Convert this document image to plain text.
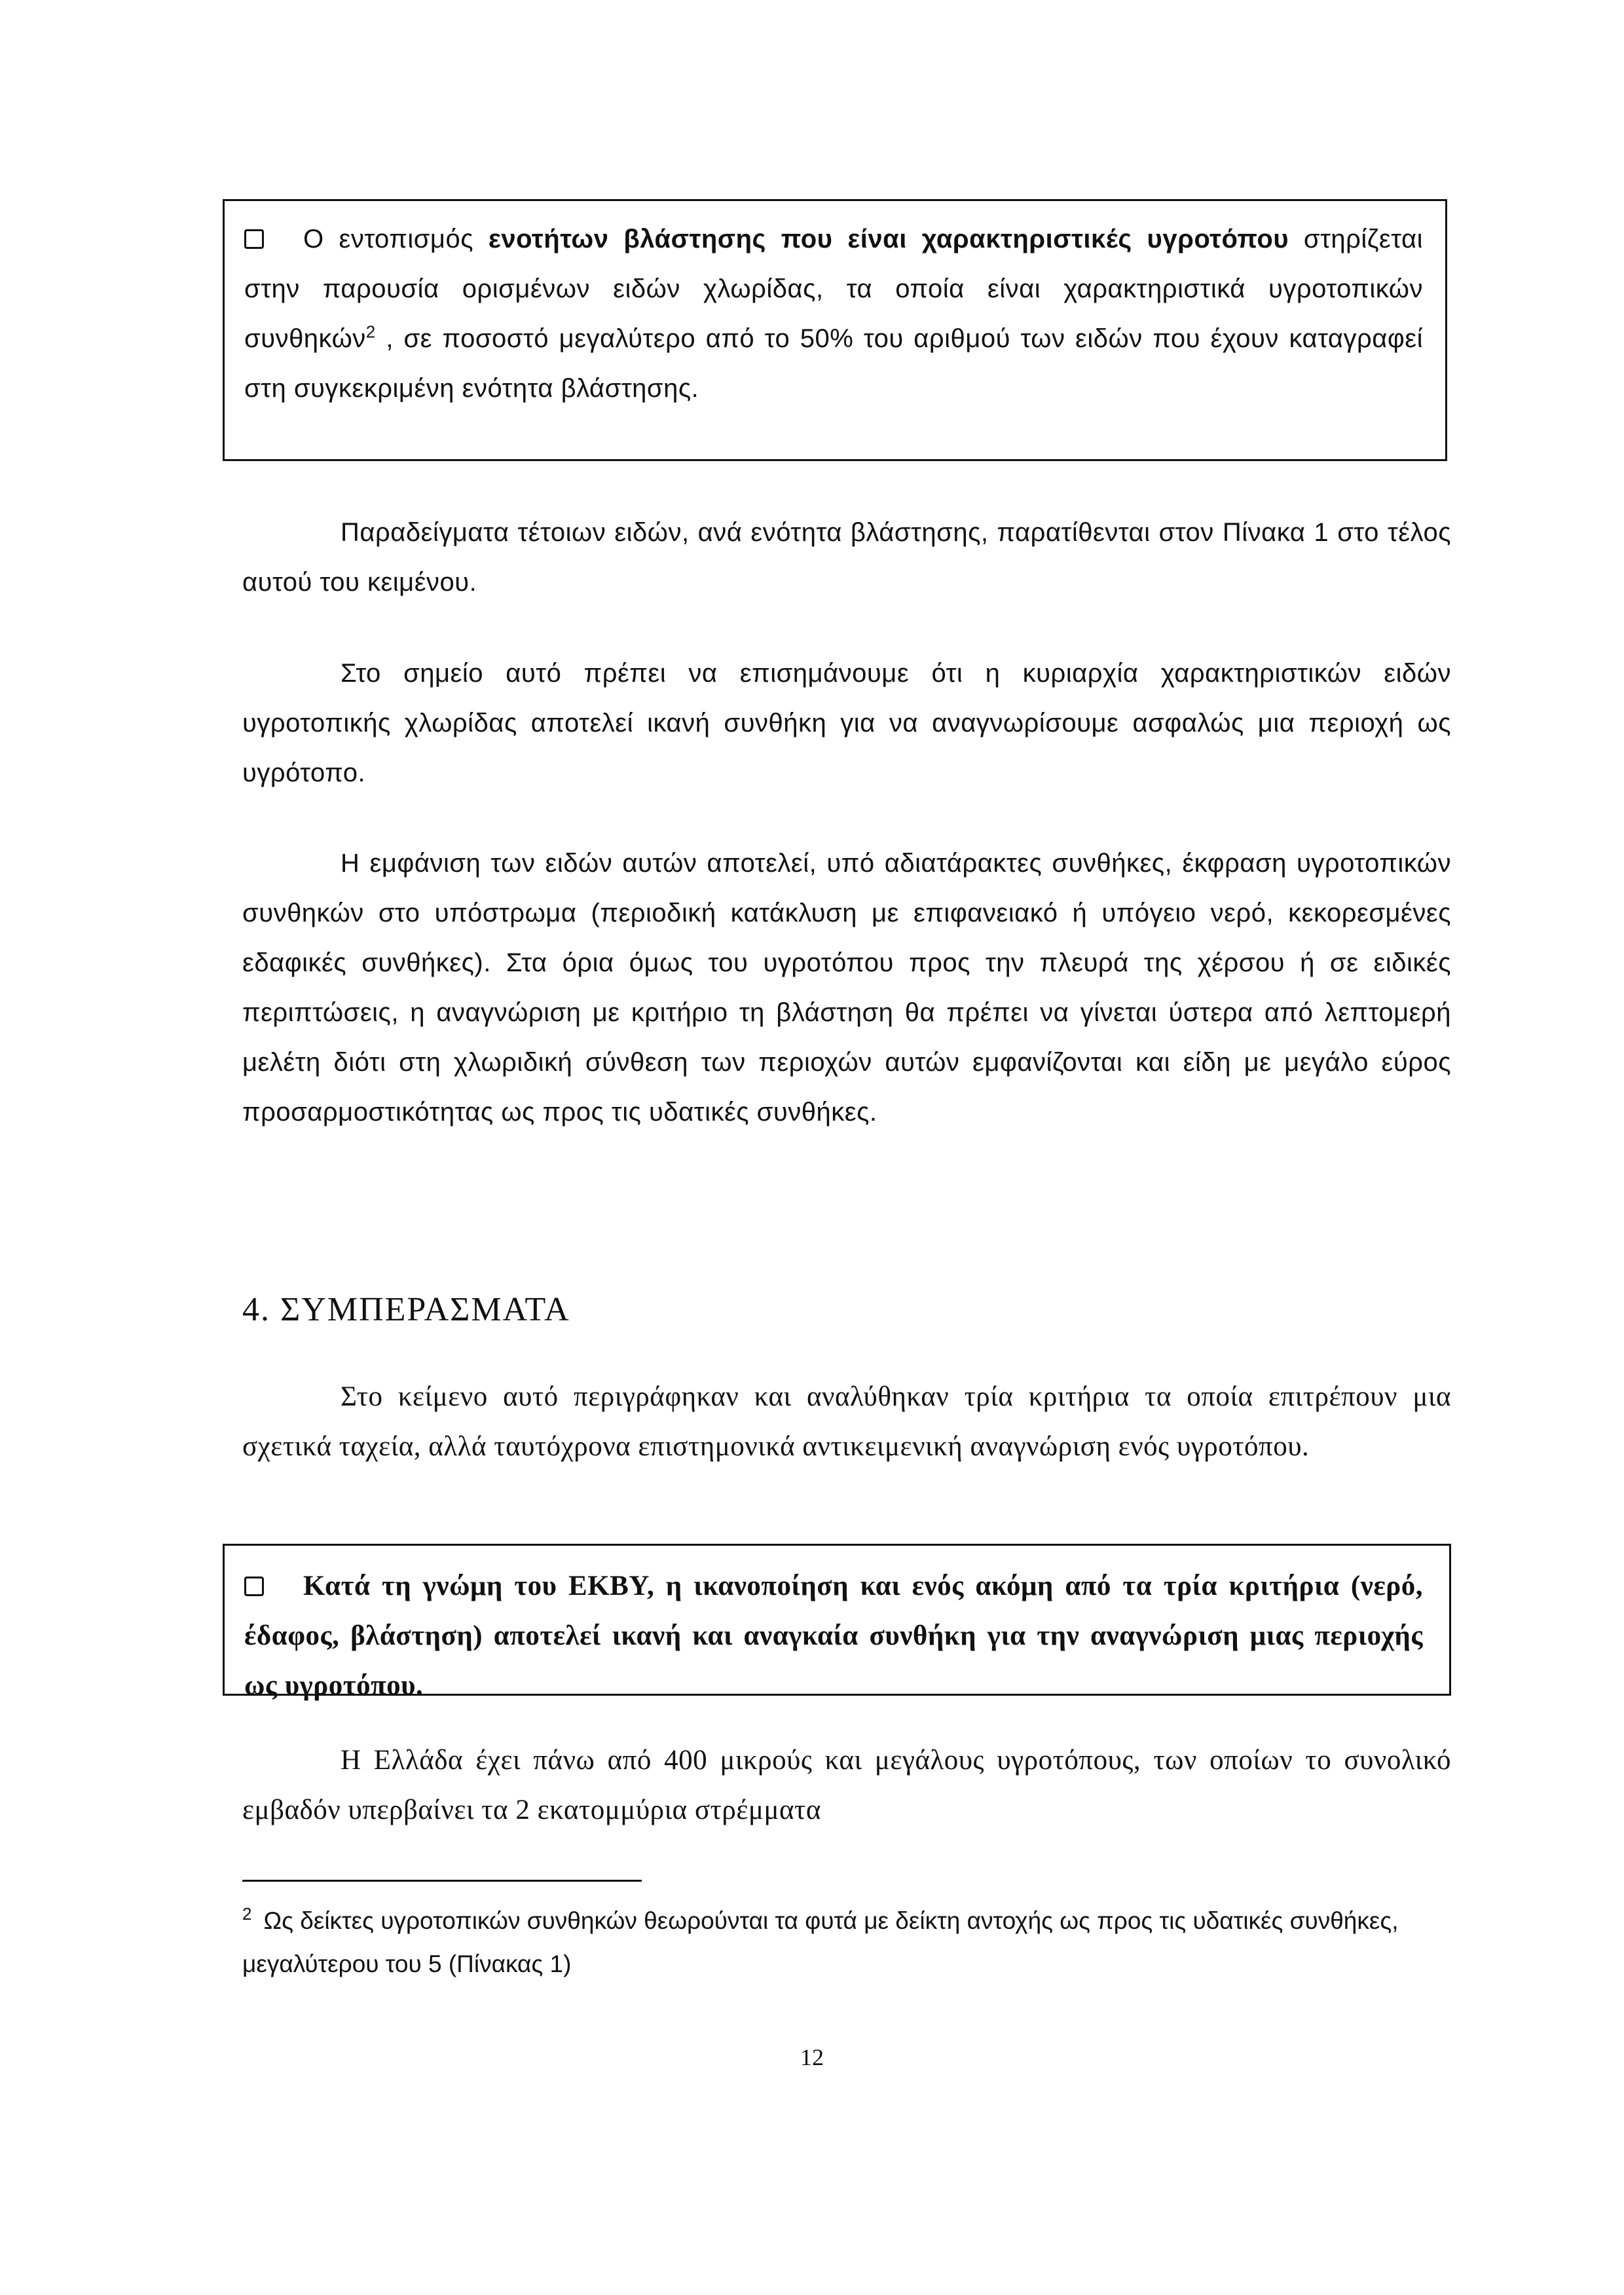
Ο εντοπισμός ενοτήτων βλάστησης που είναι χαρακτηριστικές υγροτόπου στηρίζεται στην παρουσία ορισμένων ειδών χλωρίδας, τα οποία είναι χαρακτηριστικά υγροτοπικών συνθηκών$^2$ , σε ποσοστό μεγαλύτερο από το 50% του αριθμού των ειδών που έχουν καταγραφεί στη συγκεκριμένη ενότητα βλάστησης.

Παραδείγματα τέτοιων ειδών, ανά ενότητα βλάστησης, παρατίθενται στον Πίνακα 1 στο τέλος αυτού του κειμένου.

Στο σημείο αυτό πρέπει να επισημάνουμε ότι η κυριαρχία χαρακτηριστικών ειδών υγροτοπικής χλωρίδας αποτελεί ικανή συνθήκη για να αναγνωρίσουμε ασφαλώς μια περιοχή ως υγρότοπο.

Η εμφάνιση των ειδών αυτών αποτελεί, υπό αδιατάρακτες συνθήκες, έκφραση υγροτοπικών συνθηκών στο υπόστρωμα (περιοδική κατάκλυση με επιφανειακό ή υπόγειο νερό, κεκορεσμένες εδαφικές συνθήκες). Στα όρια όμως του υγροτόπου προς την πλευρά της χέρσου ή σε ειδικές περιπτώσεις, η αναγνώριση με κριτήριο τη βλάστηση θα πρέπει να γίνεται ύστερα από λεπτομερή μελέτη διότι στη χλωριδική σύνθεση των περιοχών αυτών εμφανίζονται και είδη με μεγάλο εύρος προσαρμοστικότητας ως προς τις υδατικές συνθήκες.

4. ΣΥΜΠΕΡΑΣΜΑΤΑ

Στο κείμενο αυτό περιγράφηκαν και αναλύθηκαν τρία κριτήρια τα οποία επιτρέπουν μια σχετικά ταχεία, αλλά ταυτόχρονα επιστημονικά αντικειμενική αναγνώριση ενός υγροτόπου.

Κατά τη γνώμη του ΕΚΒΥ, η ικανοποίηση και ενός ακόμη από τα τρία κριτήρια (νερό, έδαφος, βλάστηση) αποτελεί ικανή και αναγκαία συνθήκη για την αναγνώριση μιας περιοχής ως υγροτόπου.

Η Ελλάδα έχει πάνω από 400 μικρούς και μεγάλους υγροτόπους, των οποίων το συνολικό εμβαδόν υπερβαίνει τα 2 εκατομμύρια στρέμματα

$^2$ Ως δείκτες υγροτοπικών συνθηκών θεωρούνται τα φυτά με δείκτη αντοχής ως προς τις υδατικές συνθήκες, μεγαλύτερου του 5 (Πίνακας 1)

12
